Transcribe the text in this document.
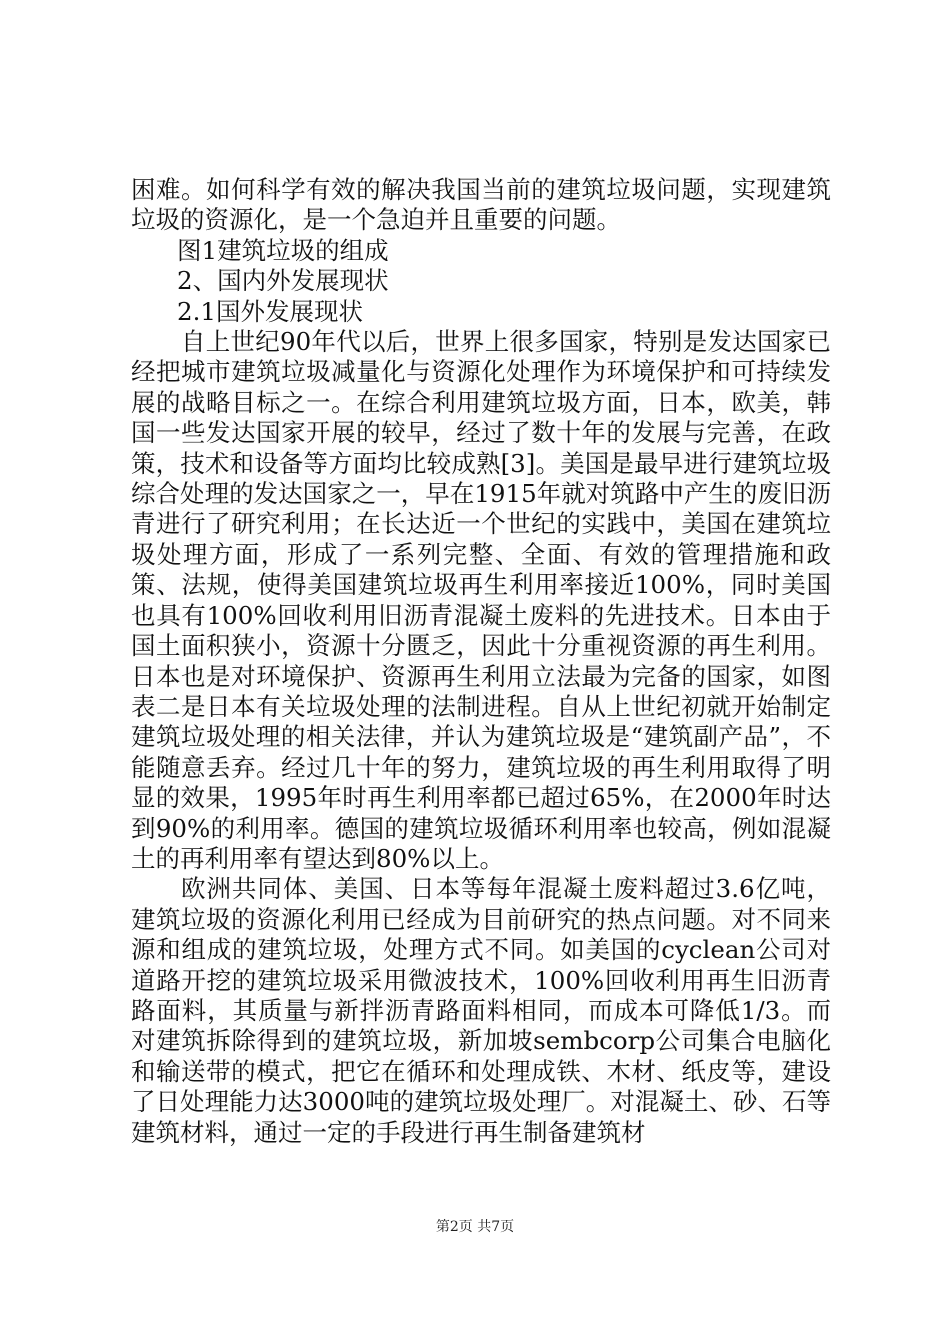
困难。如何科学有效的解决我国当前的建筑垃圾问题，实现建筑垃圾的资源化，是一个急迫并且重要的问题。

图1建筑垃圾的组成

2、国内外发展现状

2.1国外发展现状

自上世纪90年代以后，世界上很多国家，特别是发达国家已经把城市建筑垃圾减量化与资源化处理作为环境保护和可持续发展的战略目标之一。在综合利用建筑垃圾方面，日本，欧美，韩国一些发达国家开展的较早，经过了数十年的发展与完善，在政策，技术和设备等方面均比较成熟[3]。美国是最早进行建筑垃圾综合处理的发达国家之一，早在1915年就对筑路中产生的废旧沥青进行了研究利用；在长达近一个世纪的实践中，美国在建筑垃圾处理方面，形成了一系列完整、全面、有效的管理措施和政策、法规，使得美国建筑垃圾再生利用率接近100%，同时美国也具有100%回收利用旧沥青混凝土废料的先进技术。日本由于国土面积狭小，资源十分匮乏，因此十分重视资源的再生利用。日本也是对环境保护、资源再生利用立法最为完备的国家，如图表二是日本有关垃圾处理的法制进程。自从上世纪初就开始制定建筑垃圾处理的相关法律，并认为建筑垃圾是“建筑副产品”，不能随意丢弃。经过几十年的努力，建筑垃圾的再生利用取得了明显的效果，1995年时再生利用率都已超过65%，在2000年时达到90%的利用率。德国的建筑垃圾循环利用率也较高，例如混凝土的再利用率有望达到80%以上。

欧洲共同体、美国、日本等每年混凝土废料超过3.6亿吨，建筑垃圾的资源化利用已经成为目前研究的热点问题。对不同来源和组成的建筑垃圾，处理方式不同。如美国的cyclean公司对道路开挖的建筑垃圾采用微波技术，100%回收利用再生旧沥青路面料，其质量与新拌沥青路面料相同，而成本可降低1/3。而对建筑拆除得到的建筑垃圾，新加坡sembcorp公司集合电脑化和输送带的模式，把它在循环和处理成铁、木材、纸皮等，建设了日处理能力达3000吨的建筑垃圾处理厂。对混凝土、砂、石等建筑材料，通过一定的手段进行再生制备建筑材

第2页 共7页
